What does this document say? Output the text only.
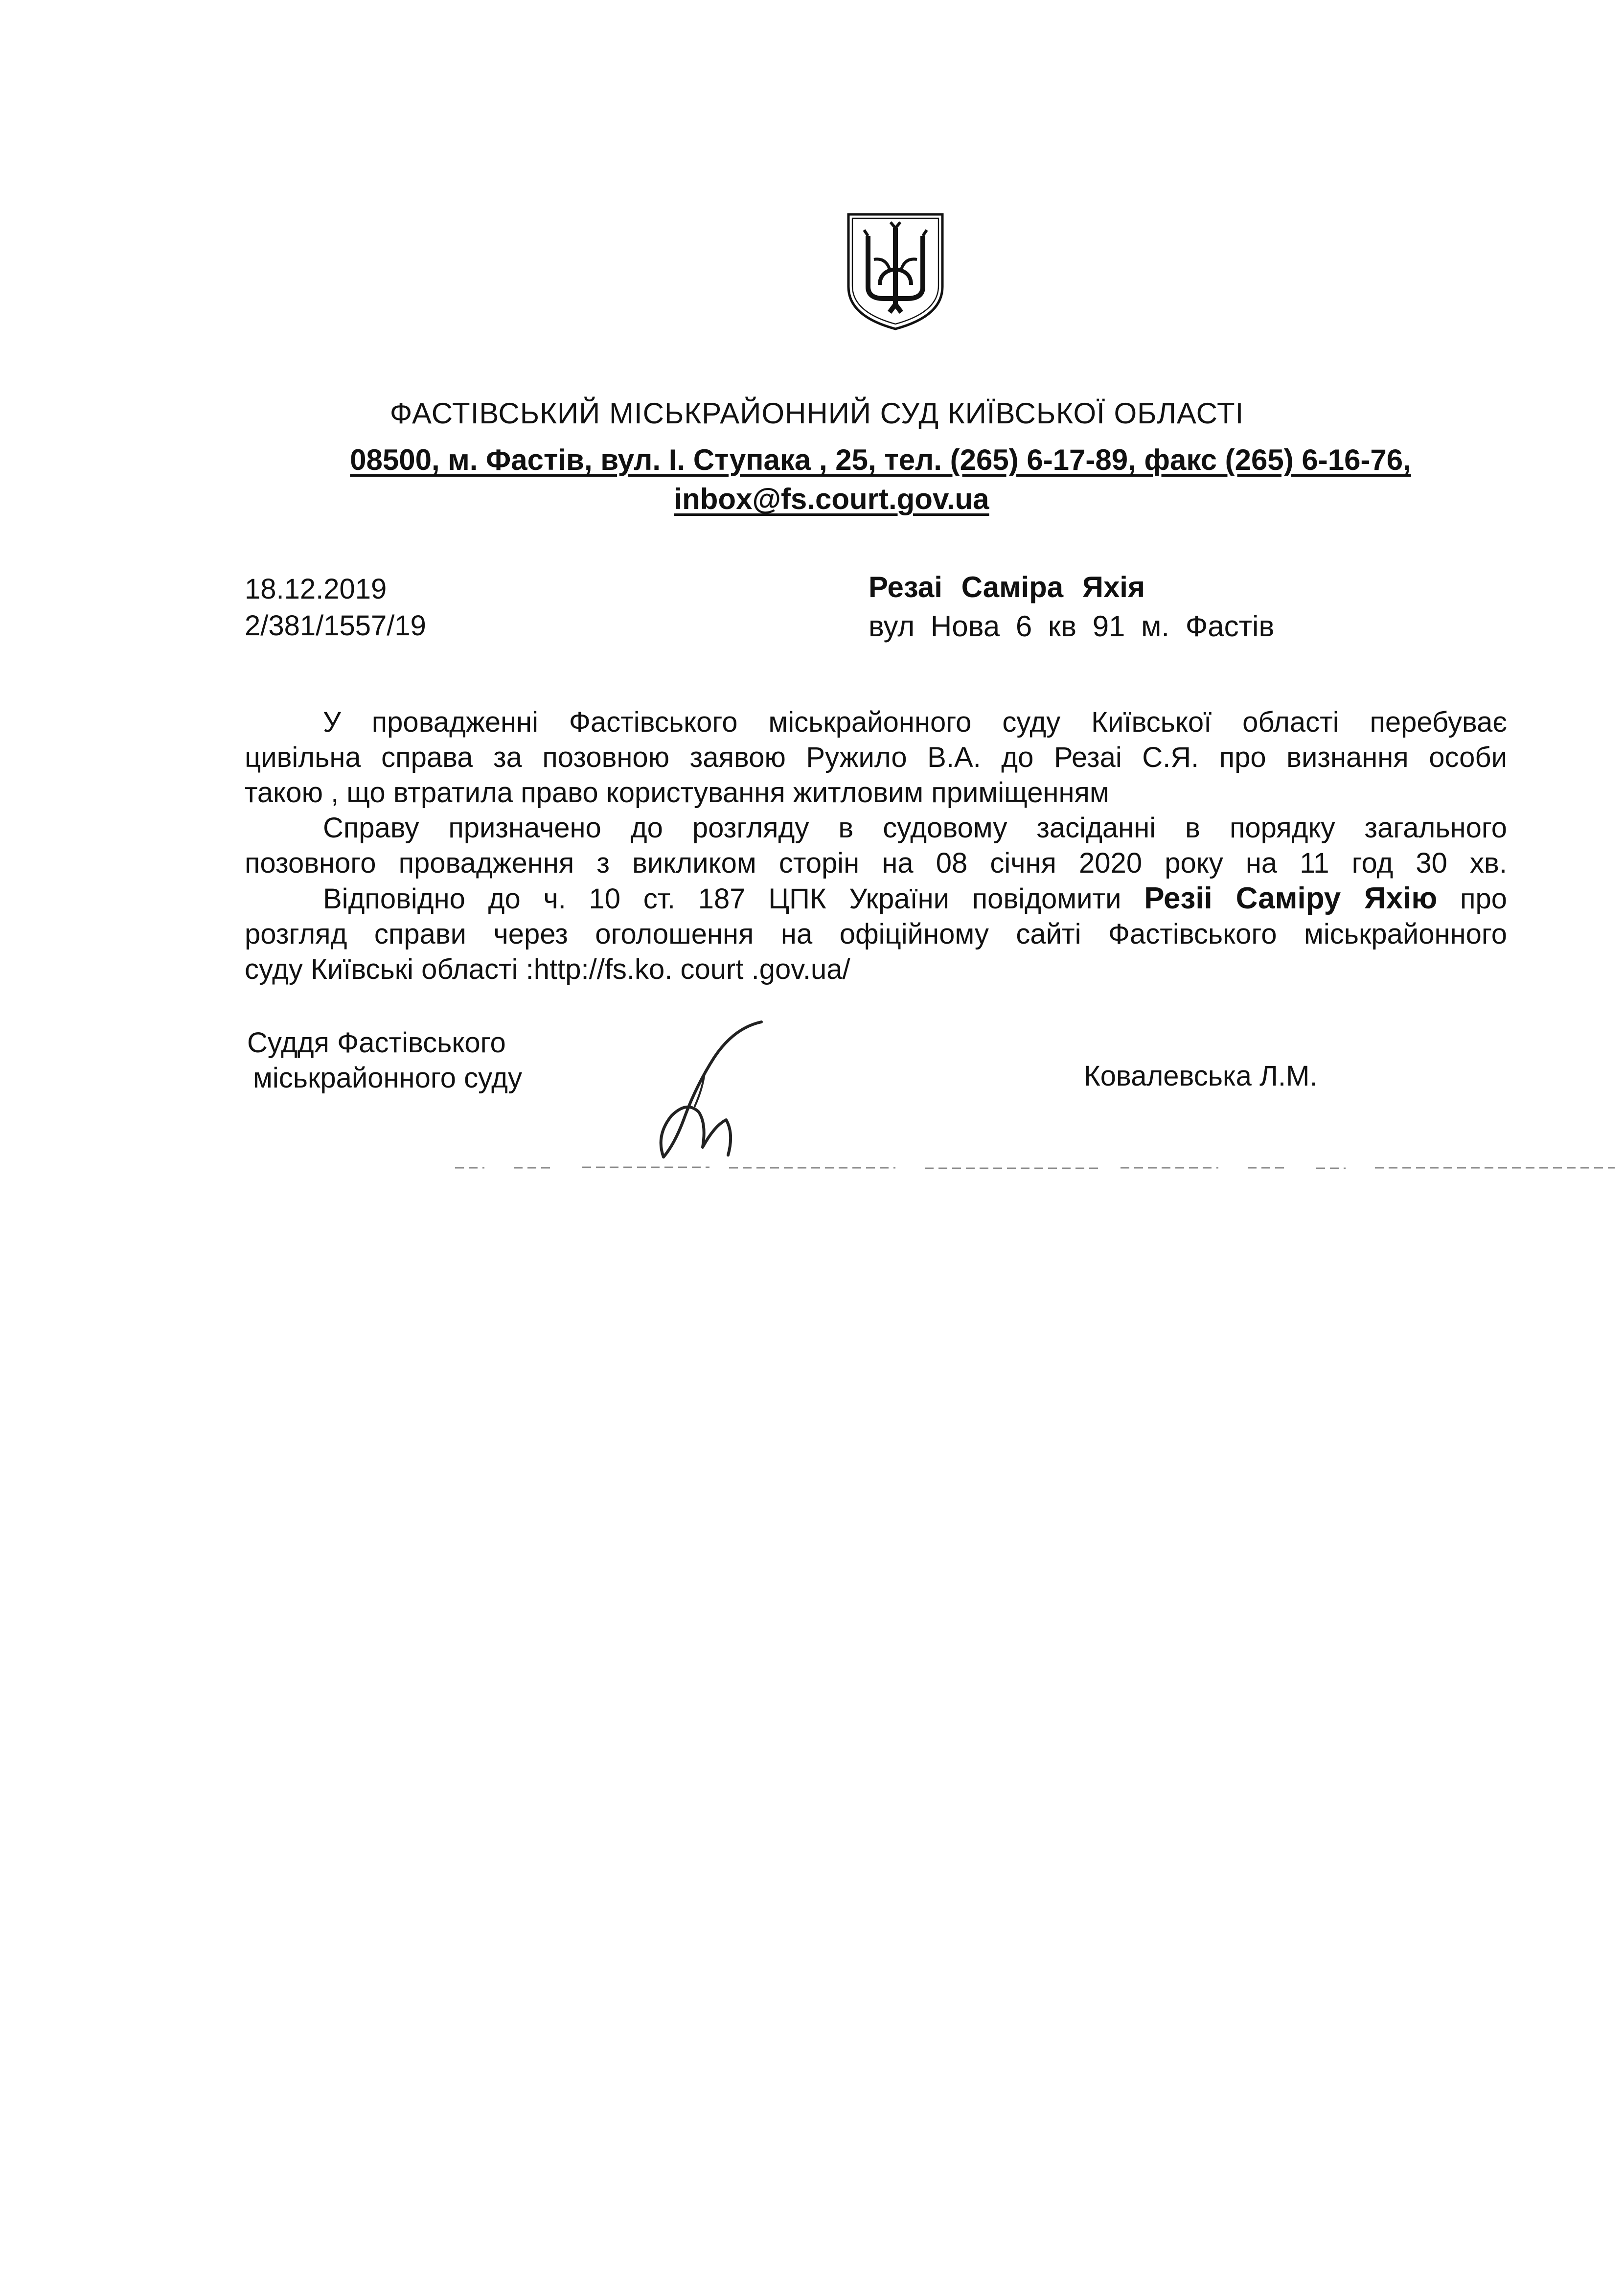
ФАСТІВСЬКИЙ МІСЬКРАЙОННИЙ СУД КИЇВСЬКОЇ ОБЛАСТІ
08500, м. Фастів, вул. І. Ступака , 25, тел. (265) 6-17-89, факс (265) 6-16-76,
inbox@fs.court.gov.ua
18.12.2019
2/381/1557/19
Резаі Саміра Яхія
вул Нова 6 кв 91 м. Фастів

У провадженні Фастівського міськрайонного суду Київської області перебуває

цивільна справа за позовною заявою Ружило В.А. до Резаі С.Я. про визнання особи

такою , що втратила право користування житловим приміщенням

Справу призначено до розгляду в судовому засіданні в порядку загального

позовного провадження з викликом сторін на 08 січня 2020 року на 11 год 30 хв.

Відповідно до ч. 10 ст. 187 ЦПК України повідомити Резіі Саміру Яхію про

розгляд справи через оголошення на офіційному сайті Фастівського міськрайонного

суду Київські області :http://fs.ko. court .gov.ua/

Суддя Фастівського
міськрайонного суду	Ковалевська Л.М.
